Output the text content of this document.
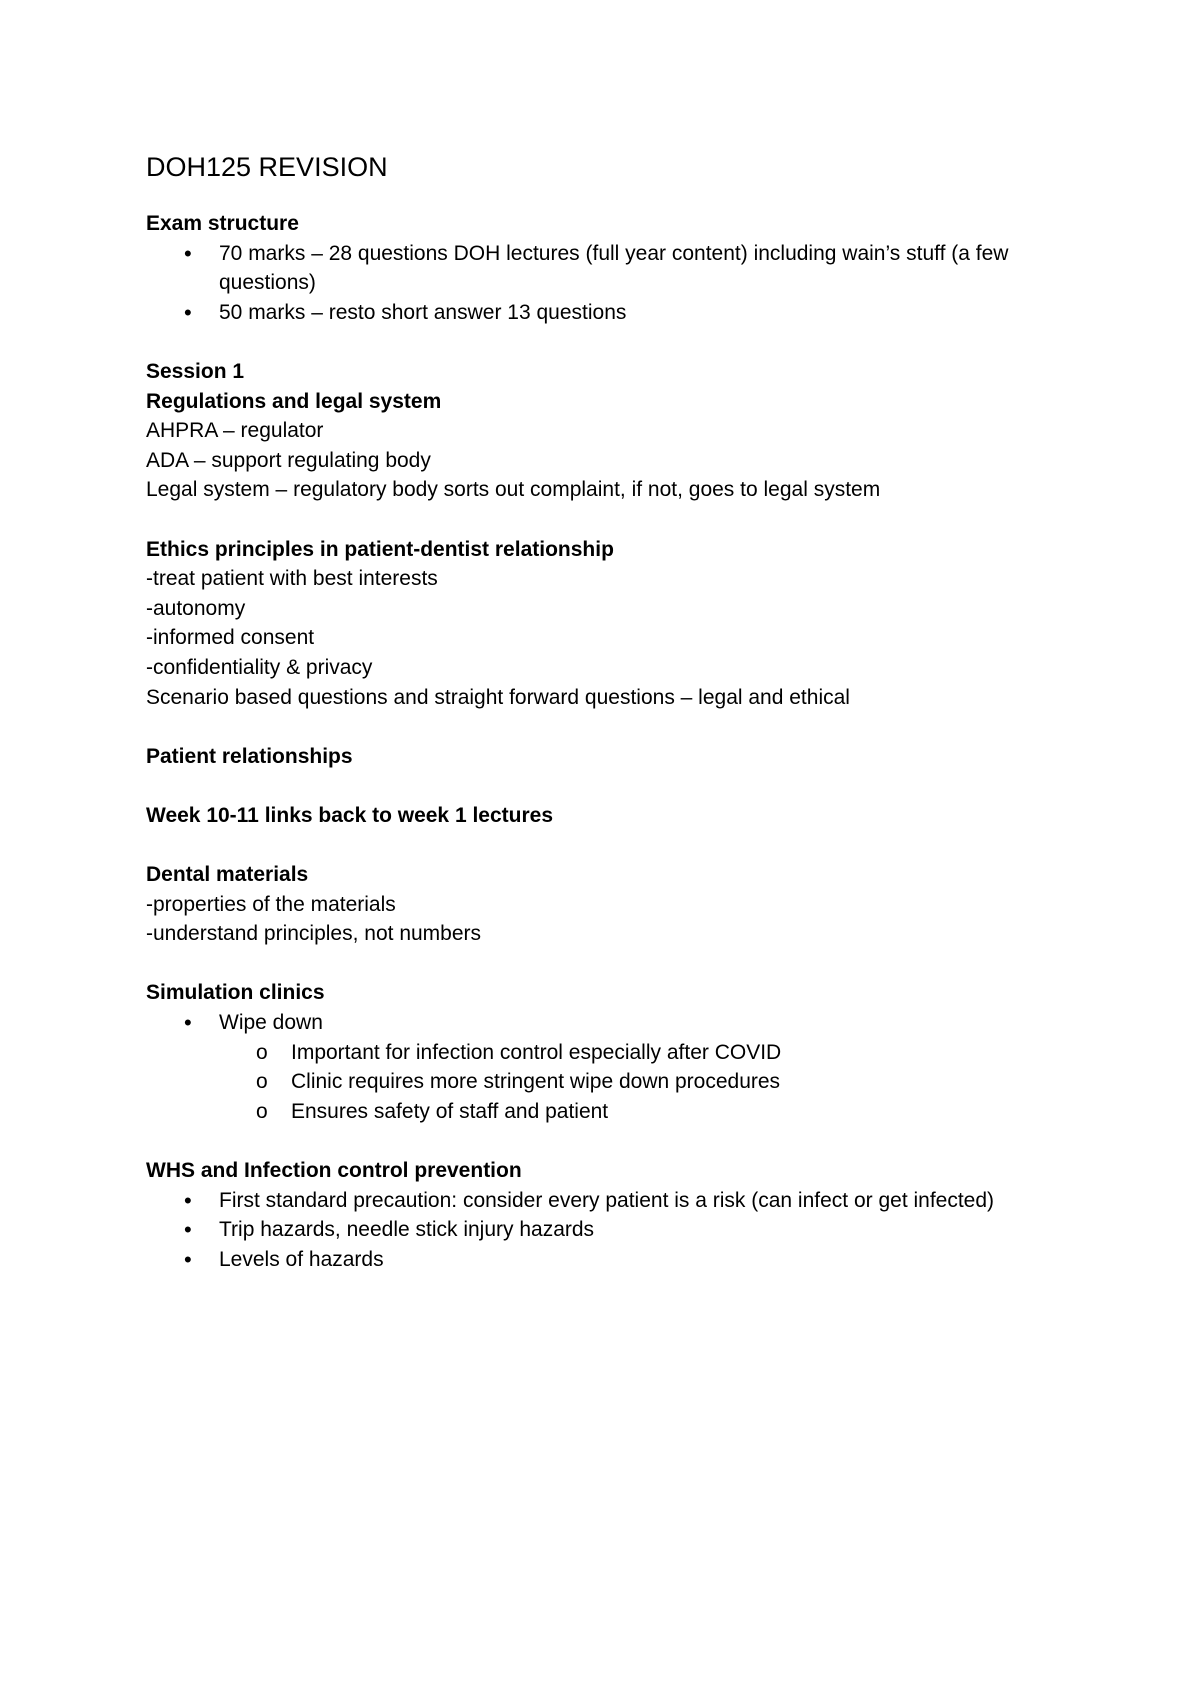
DOH125 REVISION

Exam structure

• 70 marks – 28 questions DOH lectures (full year content) including wain’s stuff (a few questions)
• 50 marks – resto short answer 13 questions

Session 1

Regulations and legal system

AHPRA – regulator

ADA – support regulating body

Legal system – regulatory body sorts out complaint, if not, goes to legal system

Ethics principles in patient-dentist relationship

-treat patient with best interests

-autonomy

-informed consent

-confidentiality & privacy

Scenario based questions and straight forward questions – legal and ethical

Patient relationships

Week 10-11 links back to week 1 lectures

Dental materials

-properties of the materials

-understand principles, not numbers

Simulation clinics

• Wipe down
o Important for infection control especially after COVID
o Clinic requires more stringent wipe down procedures
o Ensures safety of staff and patient

WHS and Infection control prevention

• First standard precaution: consider every patient is a risk (can infect or get infected)
• Trip hazards, needle stick injury hazards
• Levels of hazards
